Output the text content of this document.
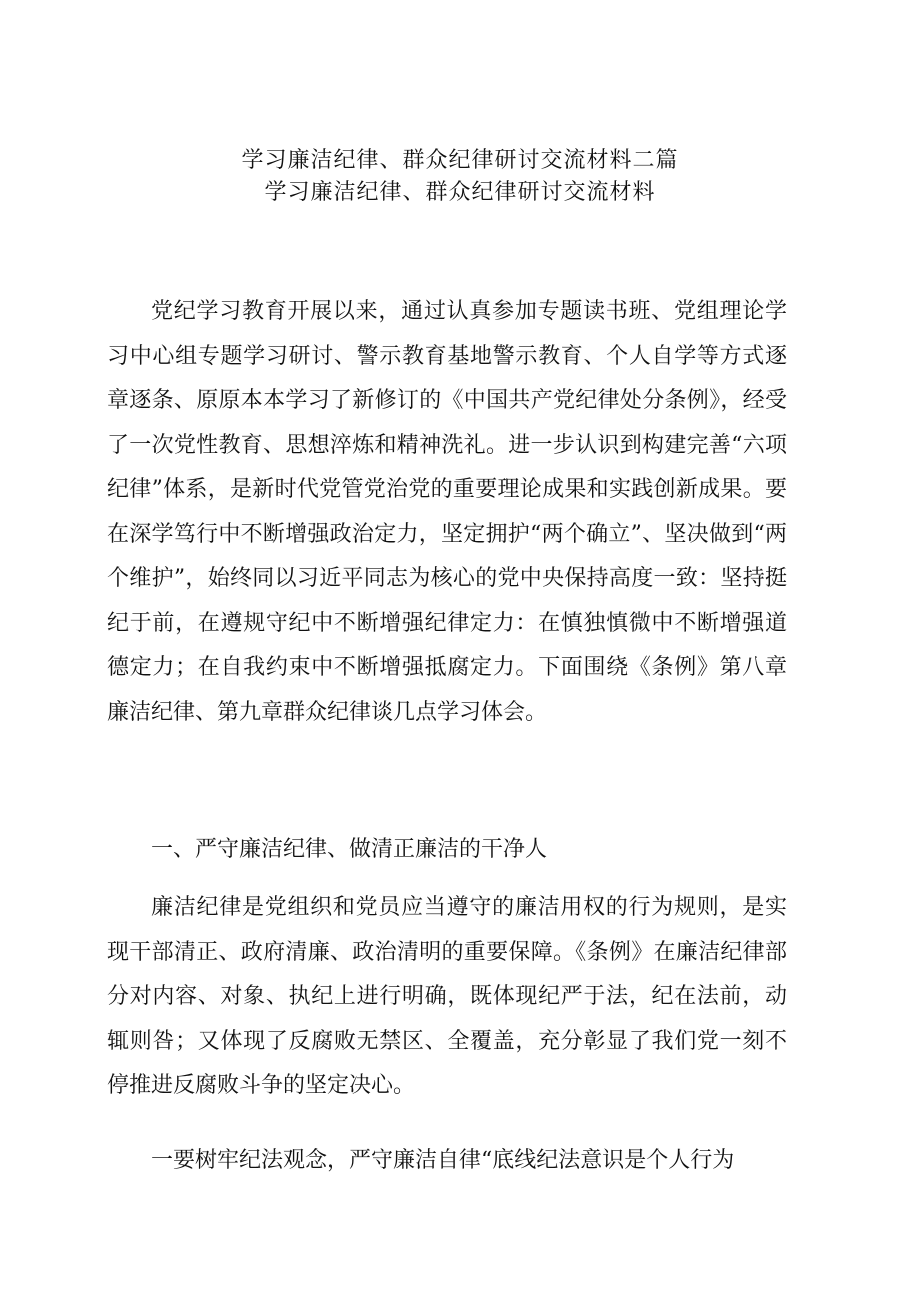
学习廉洁纪律、群众纪律研讨交流材料二篇
学习廉洁纪律、群众纪律研讨交流材料

党纪学习教育开展以来，通过认真参加专题读书班、党组理论学习中心组专题学习研讨、警示教育基地警示教育、个人自学等方式逐章逐条、原原本本学习了新修订的《中国共产党纪律处分条例》，经受了一次党性教育、思想淬炼和精神洗礼。进一步认识到构建完善“六项纪律”体系，是新时代党管党治党的重要理论成果和实践创新成果。要在深学笃行中不断增强政治定力，坚定拥护“两个确立”、坚决做到“两个维护”，始终同以习近平同志为核心的党中央保持高度一致：坚持挺纪于前，在遵规守纪中不断增强纪律定力：在慎独慎微中不断增强道德定力；在自我约束中不断增强抵腐定力。下面围绕《条例》第八章廉洁纪律、第九章群众纪律谈几点学习体会。

一、严守廉洁纪律、做清正廉洁的干净人

廉洁纪律是党组织和党员应当遵守的廉洁用权的行为规则，是实现干部清正、政府清廉、政治清明的重要保障。《条例》在廉洁纪律部分对内容、对象、执纪上进行明确，既体现纪严于法，纪在法前，动辄则咎；又体现了反腐败无禁区、全覆盖，充分彰显了我们党一刻不停推进反腐败斗争的坚定决心。

一要树牢纪法观念，严守廉洁自律“底线纪法意识是个人行为
